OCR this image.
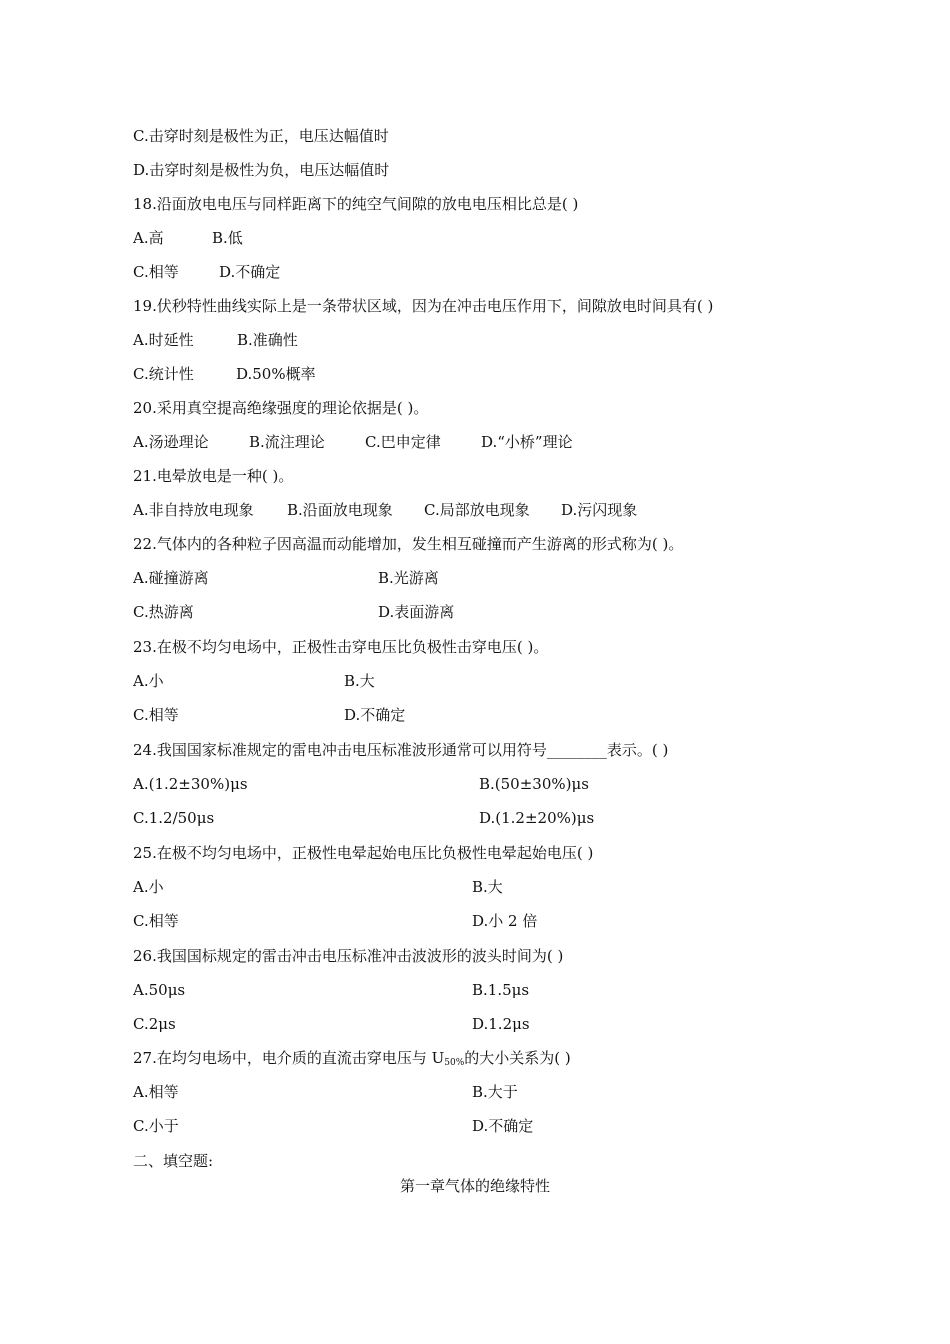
C.击穿时刻是极性为正，电压达幅值时
D.击穿时刻是极性为负，电压达幅值时
18.沿面放电电压与同样距离下的纯空气间隙的放电电压相比总是( )
A.高	B.低
C.相等	D.不确定
19.伏秒特性曲线实际上是一条带状区域，因为在冲击电压作用下，间隙放电时间具有( )
A.时延性	B.准确性
C.统计性	D.50%概率
20.采用真空提高绝缘强度的理论依据是( )。
A.汤逊理论	B.流注理论	C.巴申定律	D.“小桥”理论
21.电晕放电是一种( )。
A.非自持放电现象 B.沿面放电现象 C.局部放电现象 D.污闪现象
22.气体内的各种粒子因高温而动能增加，发生相互碰撞而产生游离的形式称为( )。
A.碰撞游离	B.光游离
C.热游离	D.表面游离
23.在极不均匀电场中，正极性击穿电压比负极性击穿电压( )。
A.小	B.大
C.相等	D.不确定
24.我国国家标准规定的雷电冲击电压标准波形通常可以用符号________表示。( )
A.(1.2±30%)μs	B.(50±30%)μs
C.1.2/50μs	D.(1.2±20%)μs
25.在极不均匀电场中，正极性电晕起始电压比负极性电晕起始电压( )
A.小	B.大
C.相等	D.小 2 倍
26.我国国标规定的雷击冲击电压标准冲击波波形的波头时间为( )
A.50μs	B.1.5μs
C.2μs	D.1.2μs
27.在均匀电场中，电介质的直流击穿电压与 $U_{50\%}$的大小关系为( )
A.相等	B.大于
C.小于	D.不确定
二、填空题:
第一章气体的绝缘特性
